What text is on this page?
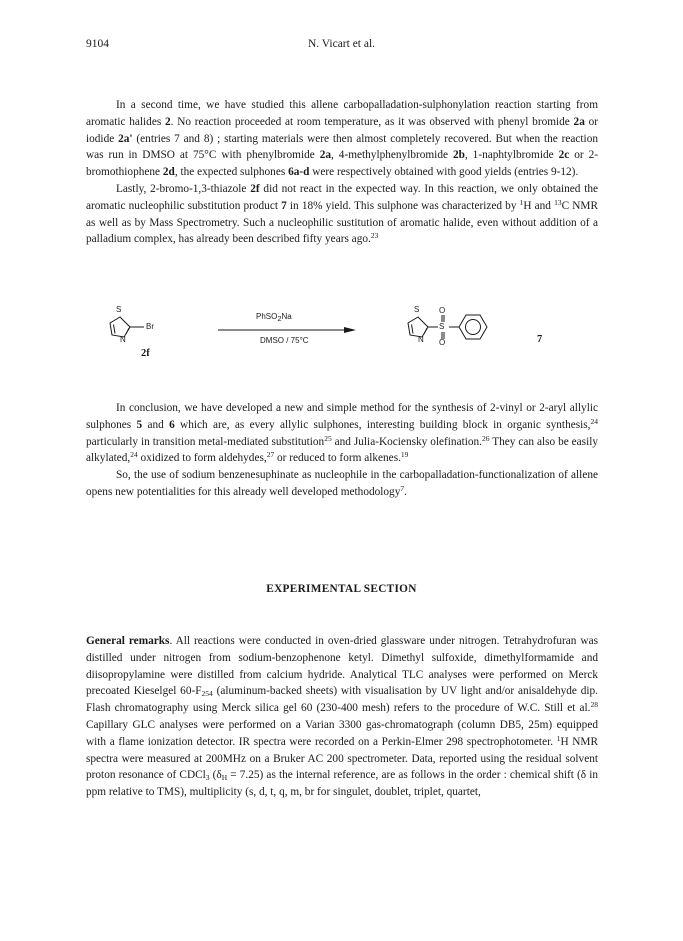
9104	N. Vicart et al.

In a second time, we have studied this allene carbopalladation-sulphonylation reaction starting from aromatic halides 2. No reaction proceeded at room temperature, as it was observed with phenyl bromide 2a or iodide 2a' (entries 7 and 8) ; starting materials were then almost completely recovered. But when the reaction was run in DMSO at 75°C with phenylbromide 2a, 4-methylphenylbromide 2b, 1-naphtylbromide 2c or 2-bromothiophene 2d, the expected sulphones 6a-d were respectively obtained with good yields (entries 9-12).

Lastly, 2-bromo-1,3-thiazole 2f did not react in the expected way. In this reaction, we only obtained the aromatic nucleophilic substitution product 7 in 18% yield. This sulphone was characterized by $^1$H and $^{13}$C NMR as well as by Mass Spectrometry. Such a nucleophilic sustitution of aromatic halide, even without addition of a palladium complex, has already been described fifty years ago.$^{23}$

S
N
Br
2f
PhSO$_2$Na
DMSO / 75°C
S
N
S
O
O	7

In conclusion, we have developed a new and simple method for the synthesis of 2-vinyl or 2-aryl allylic sulphones 5 and 6 which are, as every allylic sulphones, interesting building block in organic synthesis,$^{24}$ particularly in transition metal-mediated substitution$^{25}$ and Julia-Kociensky olefination.$^{26}$ They can also be easily alkylated,$^{24}$ oxidized to form aldehydes,$^{27}$ or reduced to form alkenes.$^{19}$

So, the use of sodium benzenesuphinate as nucleophile in the carbopalladation-functionalization of allene opens new potentialities for this already well developed methodology$^7$.

EXPERIMENTAL SECTION

General remarks. All reactions were conducted in oven-dried glassware under nitrogen. Tetrahydrofuran was distilled under nitrogen from sodium-benzophenone ketyl. Dimethyl sulfoxide, dimethylformamide and diisopropylamine were distilled from calcium hydride. Analytical TLC analyses were performed on Merck precoated Kieselgel $60-F_{254}$ (aluminum-backed sheets) with visualisation by UV light and/or anisaldehyde dip. Flash chromatography using Merck silica gel 60 (230-400 mesh) refers to the procedure of W.C. Still et al.$^{28}$ Capillary GLC analyses were performed on a Varian 3300 gas-chromatograph (column DB5, 25m) equipped with a flame ionization detector. IR spectra were recorded on a Perkin-Elmer 298 spectrophotometer. $^1$H NMR spectra were measured at 200MHz on a Bruker AC 200 spectrometer. Data, reported using the residual solvent proton resonance of CDCl$_3$ $(\delta_H = 7.25)$ as the internal reference, are as follows in the order : chemical shift (δ in ppm relative to TMS), multiplicity (s, d, t, q, m, br for singulet, doublet, triplet, quartet,
